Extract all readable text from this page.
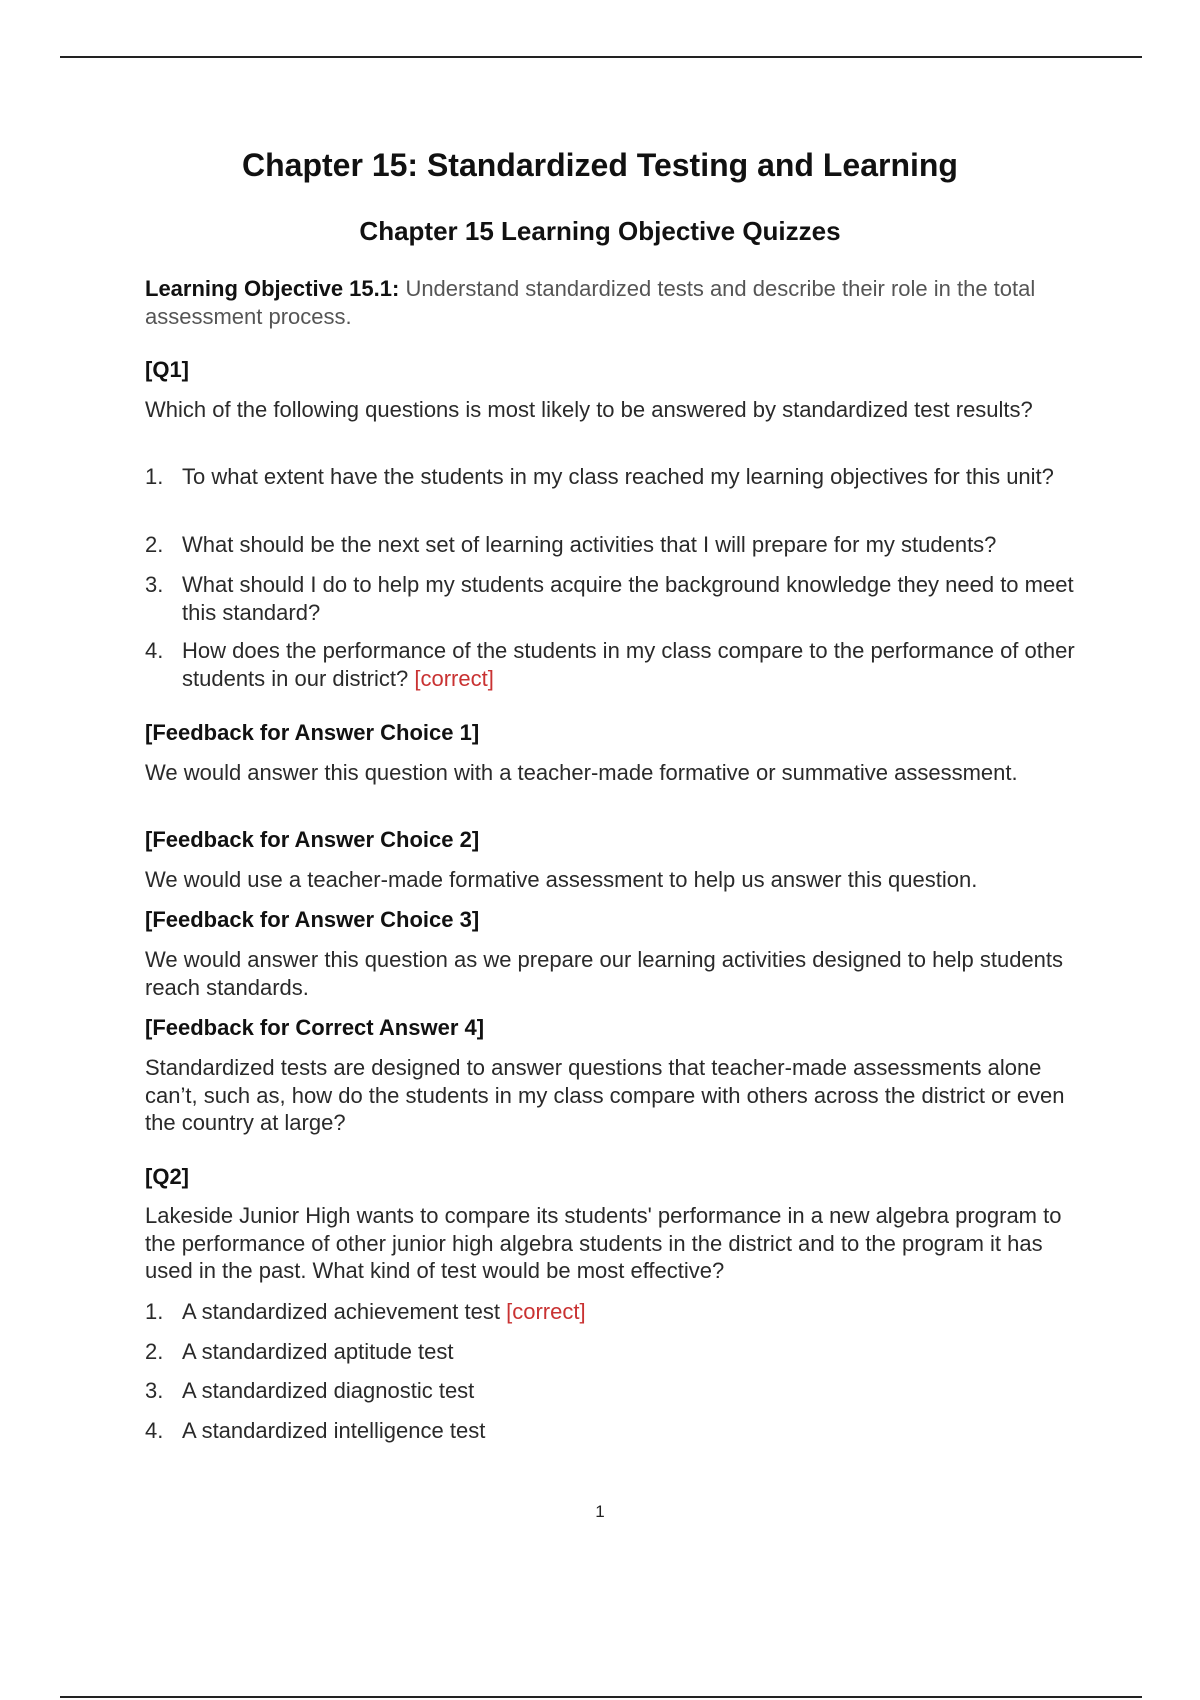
Chapter 15: Standardized Testing and Learning
Chapter 15 Learning Objective Quizzes
Learning Objective 15.1: Understand standardized tests and describe their role in the total assessment process.
[Q1]
Which of the following questions is most likely to be answered by standardized test results?
1. To what extent have the students in my class reached my learning objectives for this unit?
2. What should be the next set of learning activities that I will prepare for my students?
3. What should I do to help my students acquire the background knowledge they need to meet this standard?
4. How does the performance of the students in my class compare to the performance of other students in our district? [correct]
[Feedback for Answer Choice 1]
We would answer this question with a teacher-made formative or summative assessment.
[Feedback for Answer Choice 2]
We would use a teacher-made formative assessment to help us answer this question.
[Feedback for Answer Choice 3]
We would answer this question as we prepare our learning activities designed to help students reach standards.
[Feedback for Correct Answer 4]
Standardized tests are designed to answer questions that teacher-made assessments alone can’t, such as, how do the students in my class compare with others across the district or even the country at large?
[Q2]
Lakeside Junior High wants to compare its students' performance in a new algebra program to the performance of other junior high algebra students in the district and to the program it has used in the past. What kind of test would be most effective?
1. A standardized achievement test [correct]
2. A standardized aptitude test
3. A standardized diagnostic test
4. A standardized intelligence test
1
